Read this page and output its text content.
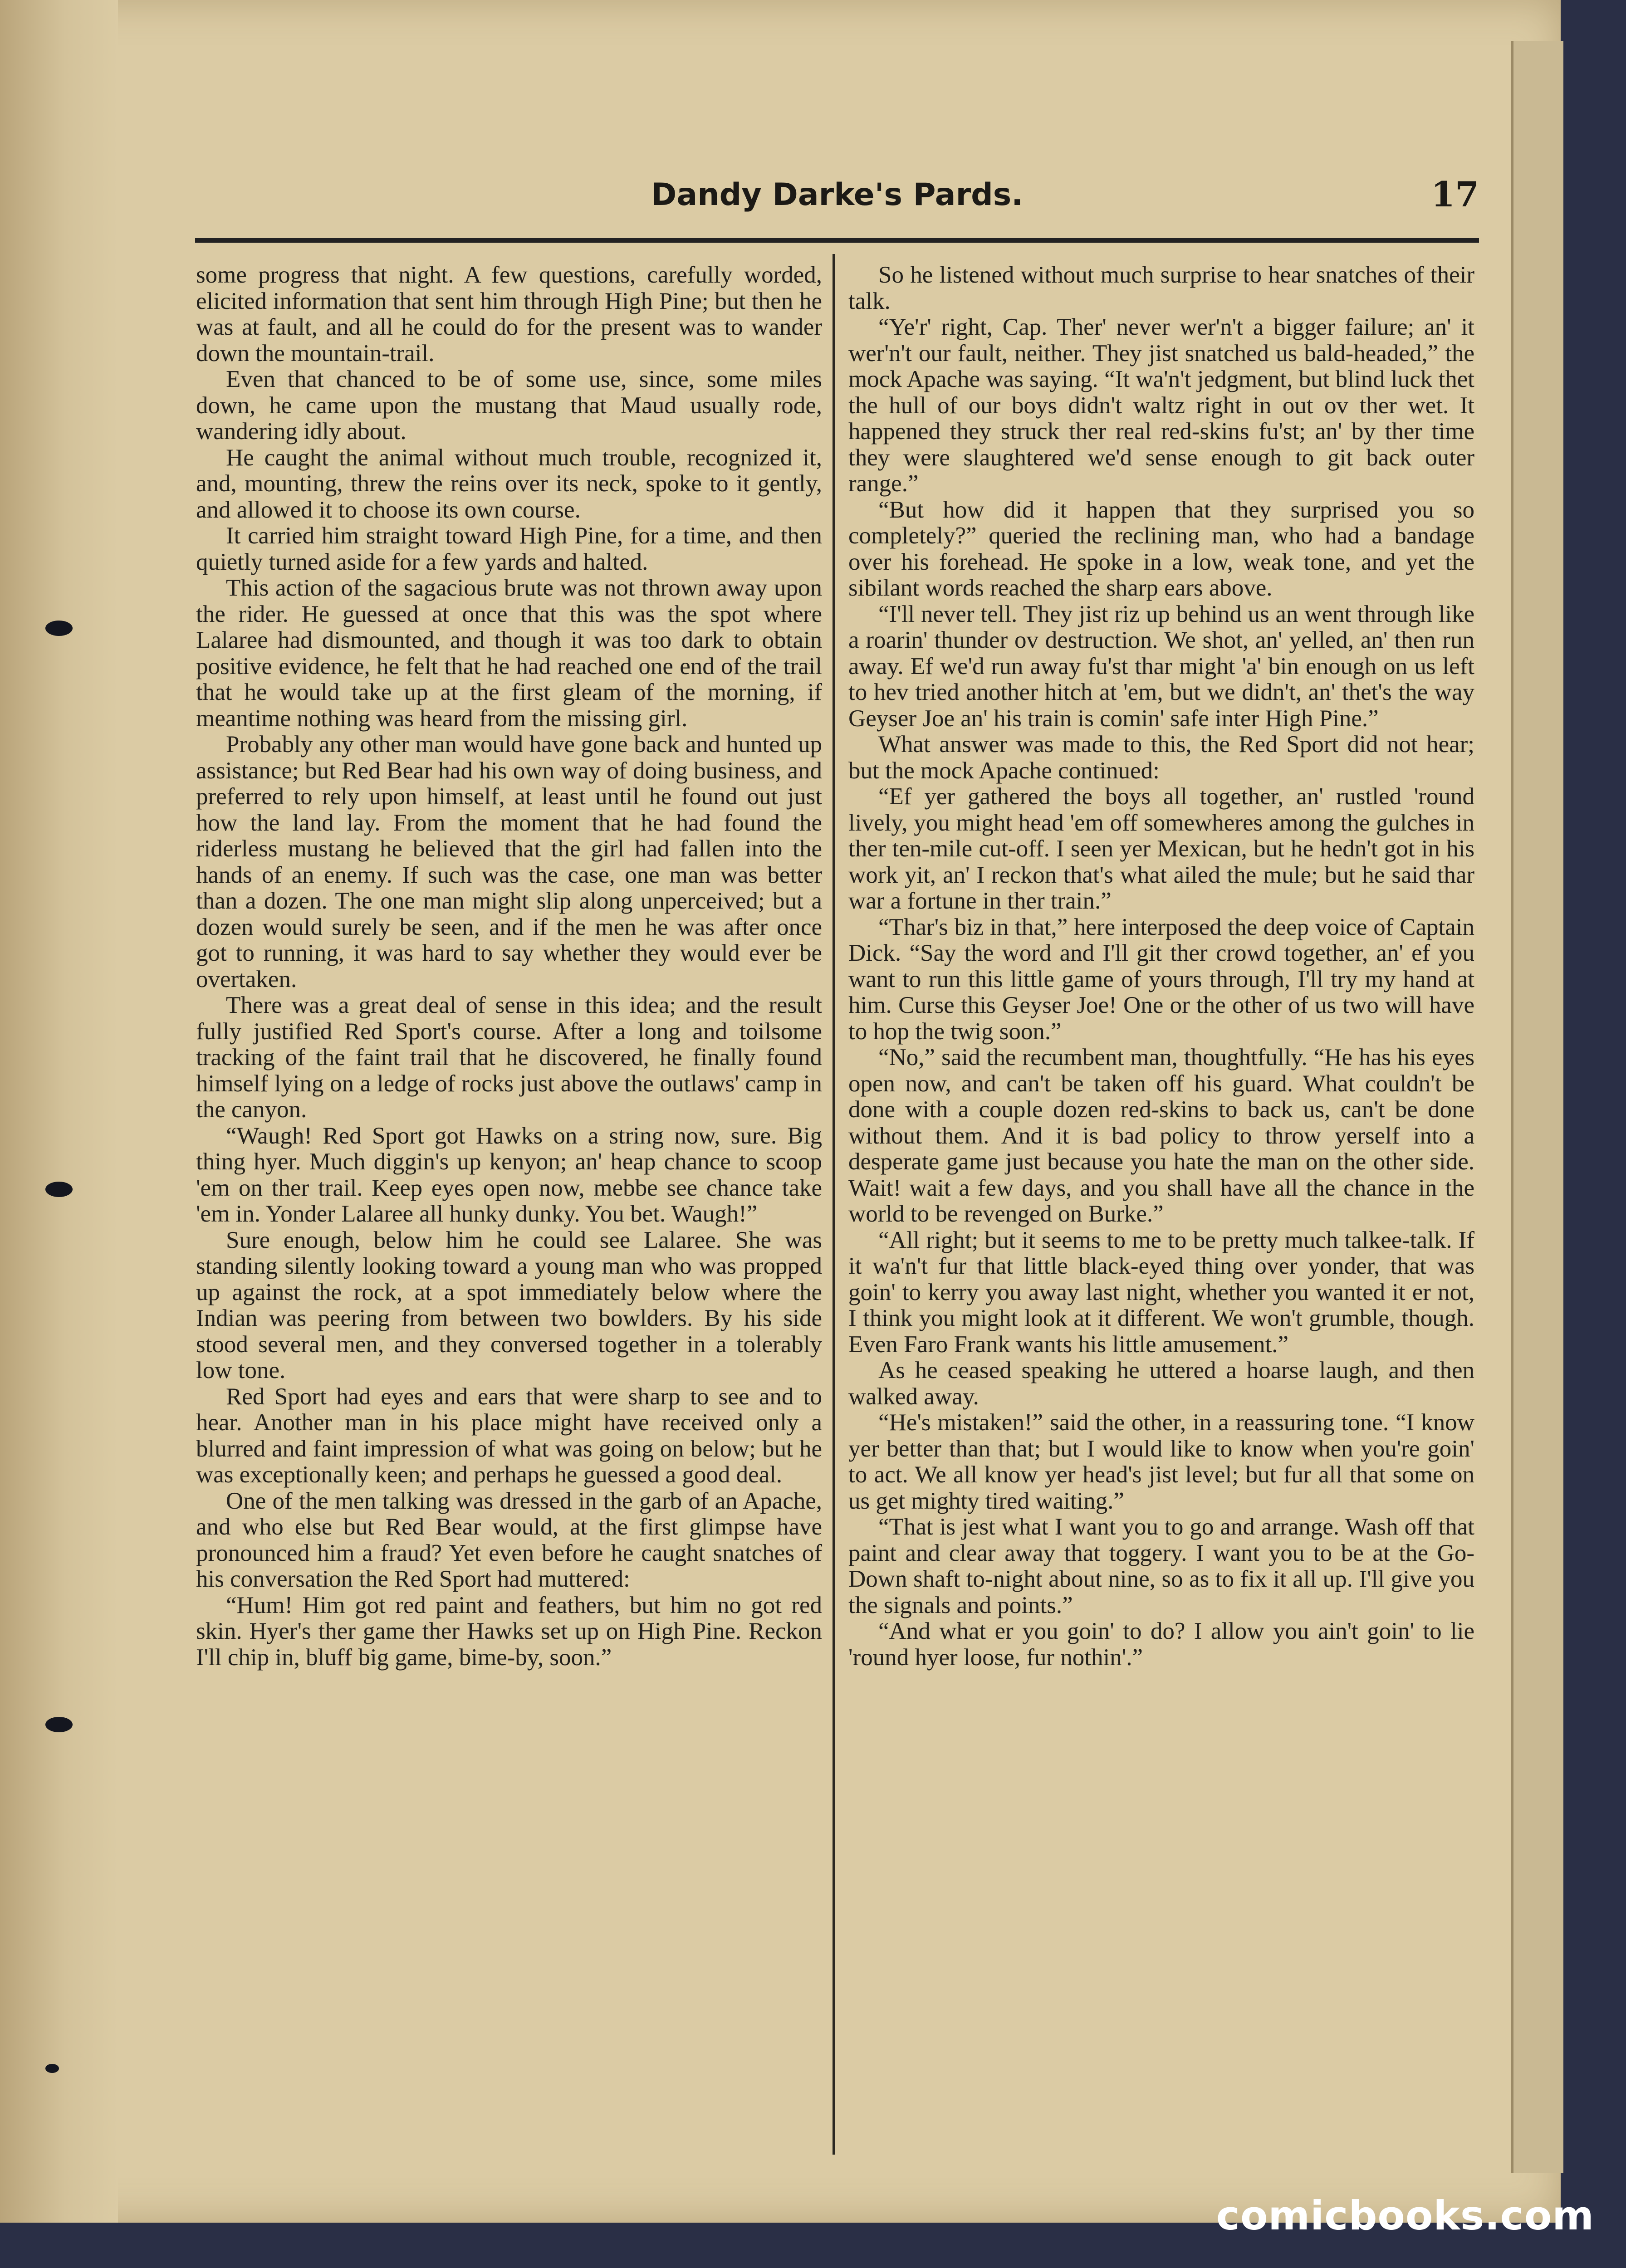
Dandy Darke's Pards.	17

some progress that night. A few questions, carefully worded, elicited information that sent him through High Pine; but then he was at fault, and all he could do for the present was to wander down the mountain-trail.

Even that chanced to be of some use, since, some miles down, he came upon the mustang that Maud usually rode, wandering idly about.

He caught the animal without much trouble, recognized it, and, mounting, threw the reins over its neck, spoke to it gently, and allowed it to choose its own course.

It carried him straight toward High Pine, for a time, and then quietly turned aside for a few yards and halted.

This action of the sagacious brute was not thrown away upon the rider. He guessed at once that this was the spot where Lalaree had dismounted, and though it was too dark to obtain positive evidence, he felt that he had reached one end of the trail that he would take up at the first gleam of the morning, if meantime nothing was heard from the missing girl.

Probably any other man would have gone back and hunted up assistance; but Red Bear had his own way of doing business, and preferred to rely upon himself, at least until he found out just how the land lay. From the moment that he had found the riderless mustang he believed that the girl had fallen into the hands of an enemy. If such was the case, one man was better than a dozen. The one man might slip along unperceived; but a dozen would surely be seen, and if the men he was after once got to running, it was hard to say whether they would ever be overtaken.

There was a great deal of sense in this idea; and the result fully justified Red Sport's course. After a long and toilsome tracking of the faint trail that he discovered, he finally found himself lying on a ledge of rocks just above the outlaws' camp in the canyon.

“Waugh! Red Sport got Hawks on a string now, sure. Big thing hyer. Much diggin's up kenyon; an' heap chance to scoop 'em on ther trail. Keep eyes open now, mebbe see chance take 'em in. Yonder Lalaree all hunky dunky. You bet. Waugh!”

Sure enough, below him he could see Lalaree. She was standing silently looking toward a young man who was propped up against the rock, at a spot immediately below where the Indian was peering from between two bowlders. By his side stood several men, and they conversed together in a tolerably low tone.

Red Sport had eyes and ears that were sharp to see and to hear. Another man in his place might have received only a blurred and faint impression of what was going on below; but he was exceptionally keen; and perhaps he guessed a good deal.

One of the men talking was dressed in the garb of an Apache, and who else but Red Bear would, at the first glimpse have pronounced him a fraud? Yet even before he caught snatches of his conversation the Red Sport had muttered:

“Hum! Him got red paint and feathers, but him no got red skin. Hyer's ther game ther Hawks set up on High Pine. Reckon I'll chip in, bluff big game, bime-by, soon.”

So he listened without much surprise to hear snatches of their talk.

“Ye'r' right, Cap. Ther' never wer'n't a bigger failure; an' it wer'n't our fault, neither. They jist snatched us bald-headed,” the mock Apache was saying. “It wa'n't jedgment, but blind luck thet the hull of our boys didn't waltz right in out ov ther wet. It happened they struck ther real red-skins fu'st; an' by ther time they were slaughtered we'd sense enough to git back outer range.”

“But how did it happen that they surprised you so completely?” queried the reclining man, who had a bandage over his forehead. He spoke in a low, weak tone, and yet the sibilant words reached the sharp ears above.

“I'll never tell. They jist riz up behind us an went through like a roarin' thunder ov destruction. We shot, an' yelled, an' then run away. Ef we'd run away fu'st thar might 'a' bin enough on us left to hev tried another hitch at 'em, but we didn't, an' thet's the way Geyser Joe an' his train is comin' safe inter High Pine.”

What answer was made to this, the Red Sport did not hear; but the mock Apache continued:

“Ef yer gathered the boys all together, an' rustled 'round lively, you might head 'em off somewheres among the gulches in ther ten-mile cut-off. I seen yer Mexican, but he hedn't got in his work yit, an' I reckon that's what ailed the mule; but he said thar war a fortune in ther train.”

“Thar's biz in that,” here interposed the deep voice of Captain Dick. “Say the word and I'll git ther crowd together, an' ef you want to run this little game of yours through, I'll try my hand at him. Curse this Geyser Joe! One or the other of us two will have to hop the twig soon.”

“No,” said the recumbent man, thoughtfully. “He has his eyes open now, and can't be taken off his guard. What couldn't be done with a couple dozen red-skins to back us, can't be done without them. And it is bad policy to throw yerself into a desperate game just because you hate the man on the other side. Wait! wait a few days, and you shall have all the chance in the world to be revenged on Burke.”

“All right; but it seems to me to be pretty much talkee-talk. If it wa'n't fur that little black-eyed thing over yonder, that was goin' to kerry you away last night, whether you wanted it er not, I think you might look at it different. We won't grumble, though. Even Faro Frank wants his little amusement.”

As he ceased speaking he uttered a hoarse laugh, and then walked away.

“He's mistaken!” said the other, in a reassuring tone. “I know yer better than that; but I would like to know when you're goin' to act. We all know yer head's jist level; but fur all that some on us get mighty tired waiting.”

“That is jest what I want you to go and arrange. Wash off that paint and clear away that toggery. I want you to be at the Go-Down shaft to-night about nine, so as to fix it all up. I'll give you the signals and points.”

“And what er you goin' to do? I allow you ain't goin' to lie 'round hyer loose, fur nothin'.”

comicbooks.com
